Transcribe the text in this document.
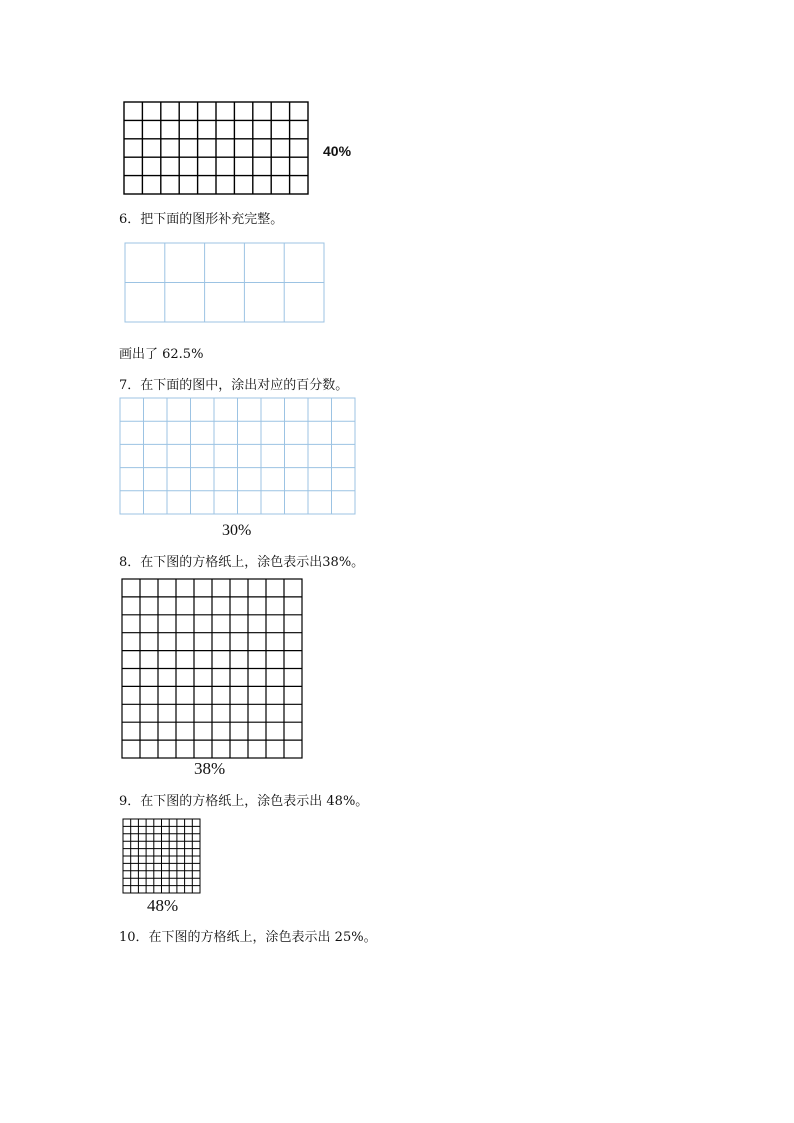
40%
6．把下面的图形补充完整。
画出了 62.5%
7．在下面的图中，涂出对应的百分数。
30%
8．在下图的方格纸上，涂色表示出38%。
38%
9．在下图的方格纸上，涂色表示出 48%。
48%
10．在下图的方格纸上，涂色表示出 25%。
